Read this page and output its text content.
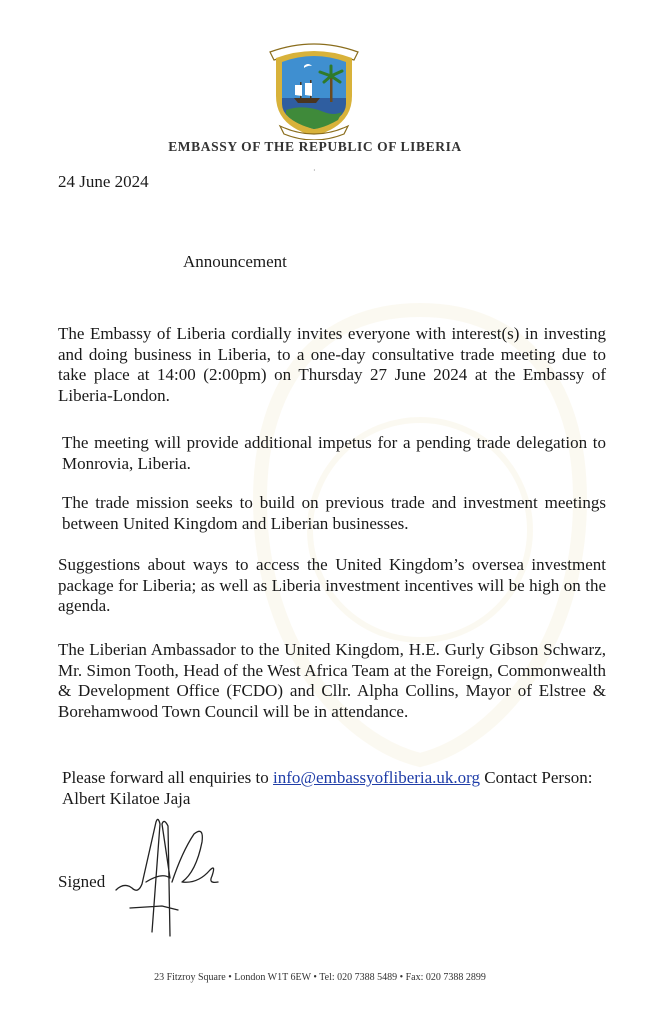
EMBASSY OF THE REPUBLIC OF LIBERIA
·
24 June 2024
Announcement

The Embassy of Liberia cordially invites everyone with interest(s) in investing and doing business in Liberia, to a one-day consultative trade meeting due to take place at 14:00 (2:00pm) on Thursday 27 June 2024 at the Embassy of Liberia-London.

The meeting will provide additional impetus for a pending trade delegation to Monrovia, Liberia.

The trade mission seeks to build on previous trade and investment meetings between United Kingdom and Liberian businesses.

Suggestions about ways to access the United Kingdom’s oversea investment package for Liberia; as well as Liberia investment incentives will be high on the agenda.

The Liberian Ambassador to the United Kingdom, H.E. Gurly Gibson Schwarz, Mr. Simon Tooth, Head of the West Africa Team at the Foreign, Commonwealth & Development Office (FCDO) and Cllr. Alpha Collins, Mayor of Elstree & Borehamwood Town Council will be in attendance.

Please forward all enquiries to info@embassyofliberia.uk.org Contact Person: Albert Kilatoe Jaja

Signed
23 Fitzroy Square • London W1T 6EW • Tel: 020 7388 5489 • Fax: 020 7388 2899
